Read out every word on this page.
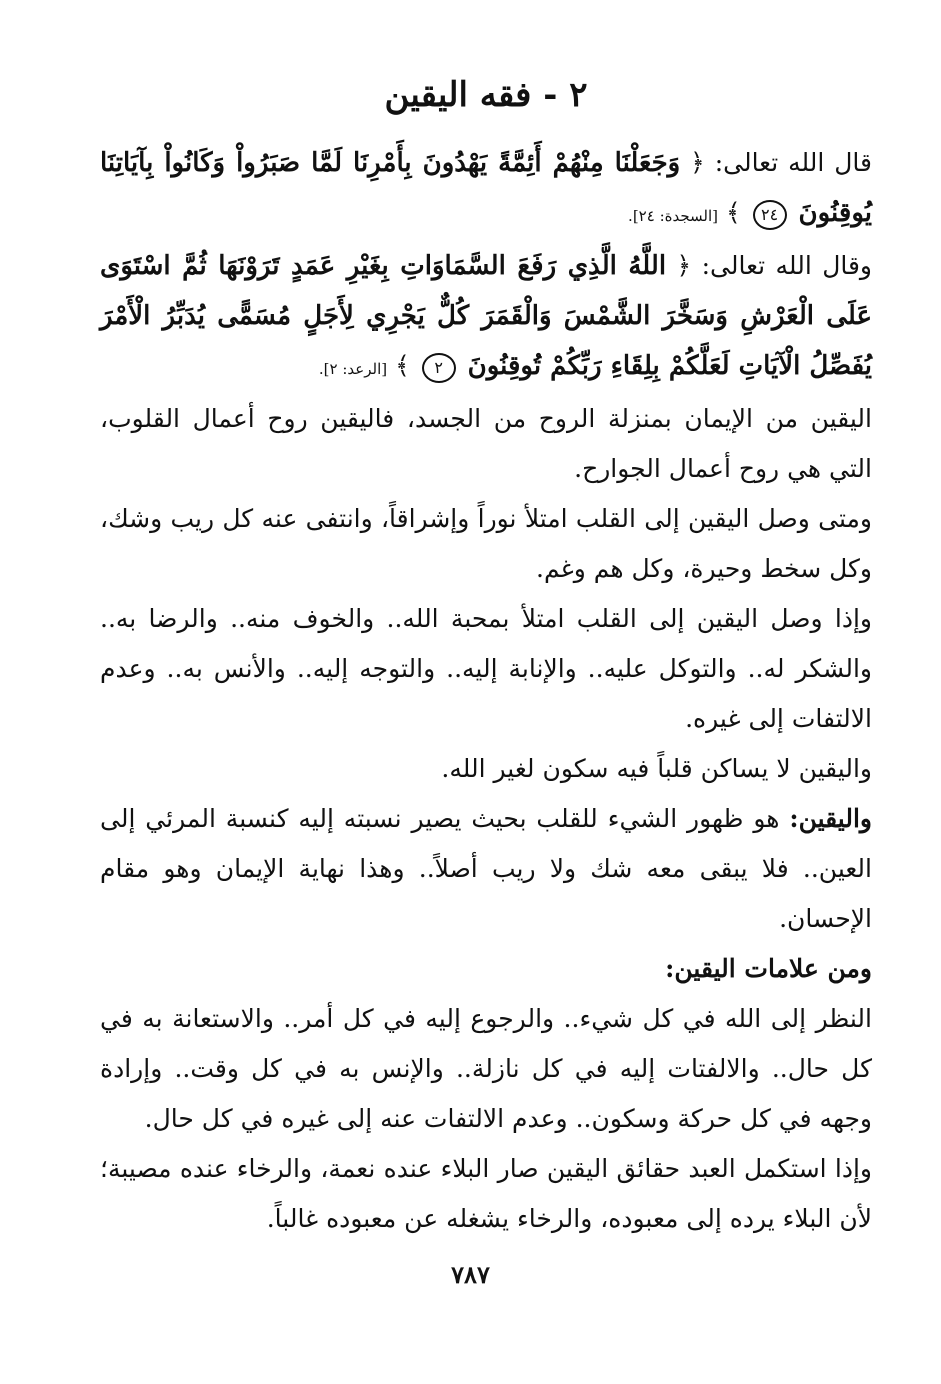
٢ - فقه اليقين

قال الله تعالى: ﴿ وَجَعَلْنَا مِنْهُمْ أَئِمَّةً يَهْدُونَ بِأَمْرِنَا لَمَّا صَبَرُواْ وَكَانُواْ بِآيَاتِنَا يُوقِنُونَ ٢٤ ﴾ [السجدة: ٢٤].

وقال الله تعالى: ﴿ اللَّهُ الَّذِي رَفَعَ السَّمَاوَاتِ بِغَيْرِ عَمَدٍ تَرَوْنَهَا ثُمَّ اسْتَوَى عَلَى الْعَرْشِ وَسَخَّرَ الشَّمْسَ وَالْقَمَرَ كُلٌّ يَجْرِي لِأَجَلٍ مُسَمًّى يُدَبِّرُ الْأَمْرَ يُفَصِّلُ الْآيَاتِ لَعَلَّكُمْ بِلِقَاءِ رَبِّكُمْ تُوقِنُونَ ٢ ﴾ [الرعد: ٢].

اليقين من الإيمان بمنزلة الروح من الجسد، فاليقين روح أعمال القلوب، التي هي روح أعمال الجوارح.

ومتى وصل اليقين إلى القلب امتلأ نوراً وإشراقاً، وانتفى عنه كل ريب وشك، وكل سخط وحيرة، وكل هم وغم.

وإذا وصل اليقين إلى القلب امتلأ بمحبة الله.. والخوف منه.. والرضا به.. والشكر له.. والتوكل عليه.. والإنابة إليه.. والتوجه إليه.. والأنس به.. وعدم الالتفات إلى غيره.

واليقين لا يساكن قلباً فيه سكون لغير الله.

واليقين: هو ظهور الشيء للقلب بحيث يصير نسبته إليه كنسبة المرئي إلى العين.. فلا يبقى معه شك ولا ريب أصلاً.. وهذا نهاية الإيمان وهو مقام الإحسان.

ومن علامات اليقين:

النظر إلى الله في كل شيء.. والرجوع إليه في كل أمر.. والاستعانة به في كل حال.. والالفتات إليه في كل نازلة.. والإنس به في كل وقت.. وإرادة وجهه في كل حركة وسكون.. وعدم الالتفات عنه إلى غيره في كل حال.

وإذا استكمل العبد حقائق اليقين صار البلاء عنده نعمة، والرخاء عنده مصيبة؛ لأن البلاء يرده إلى معبوده، والرخاء يشغله عن معبوده غالباً.

٧٨٧
